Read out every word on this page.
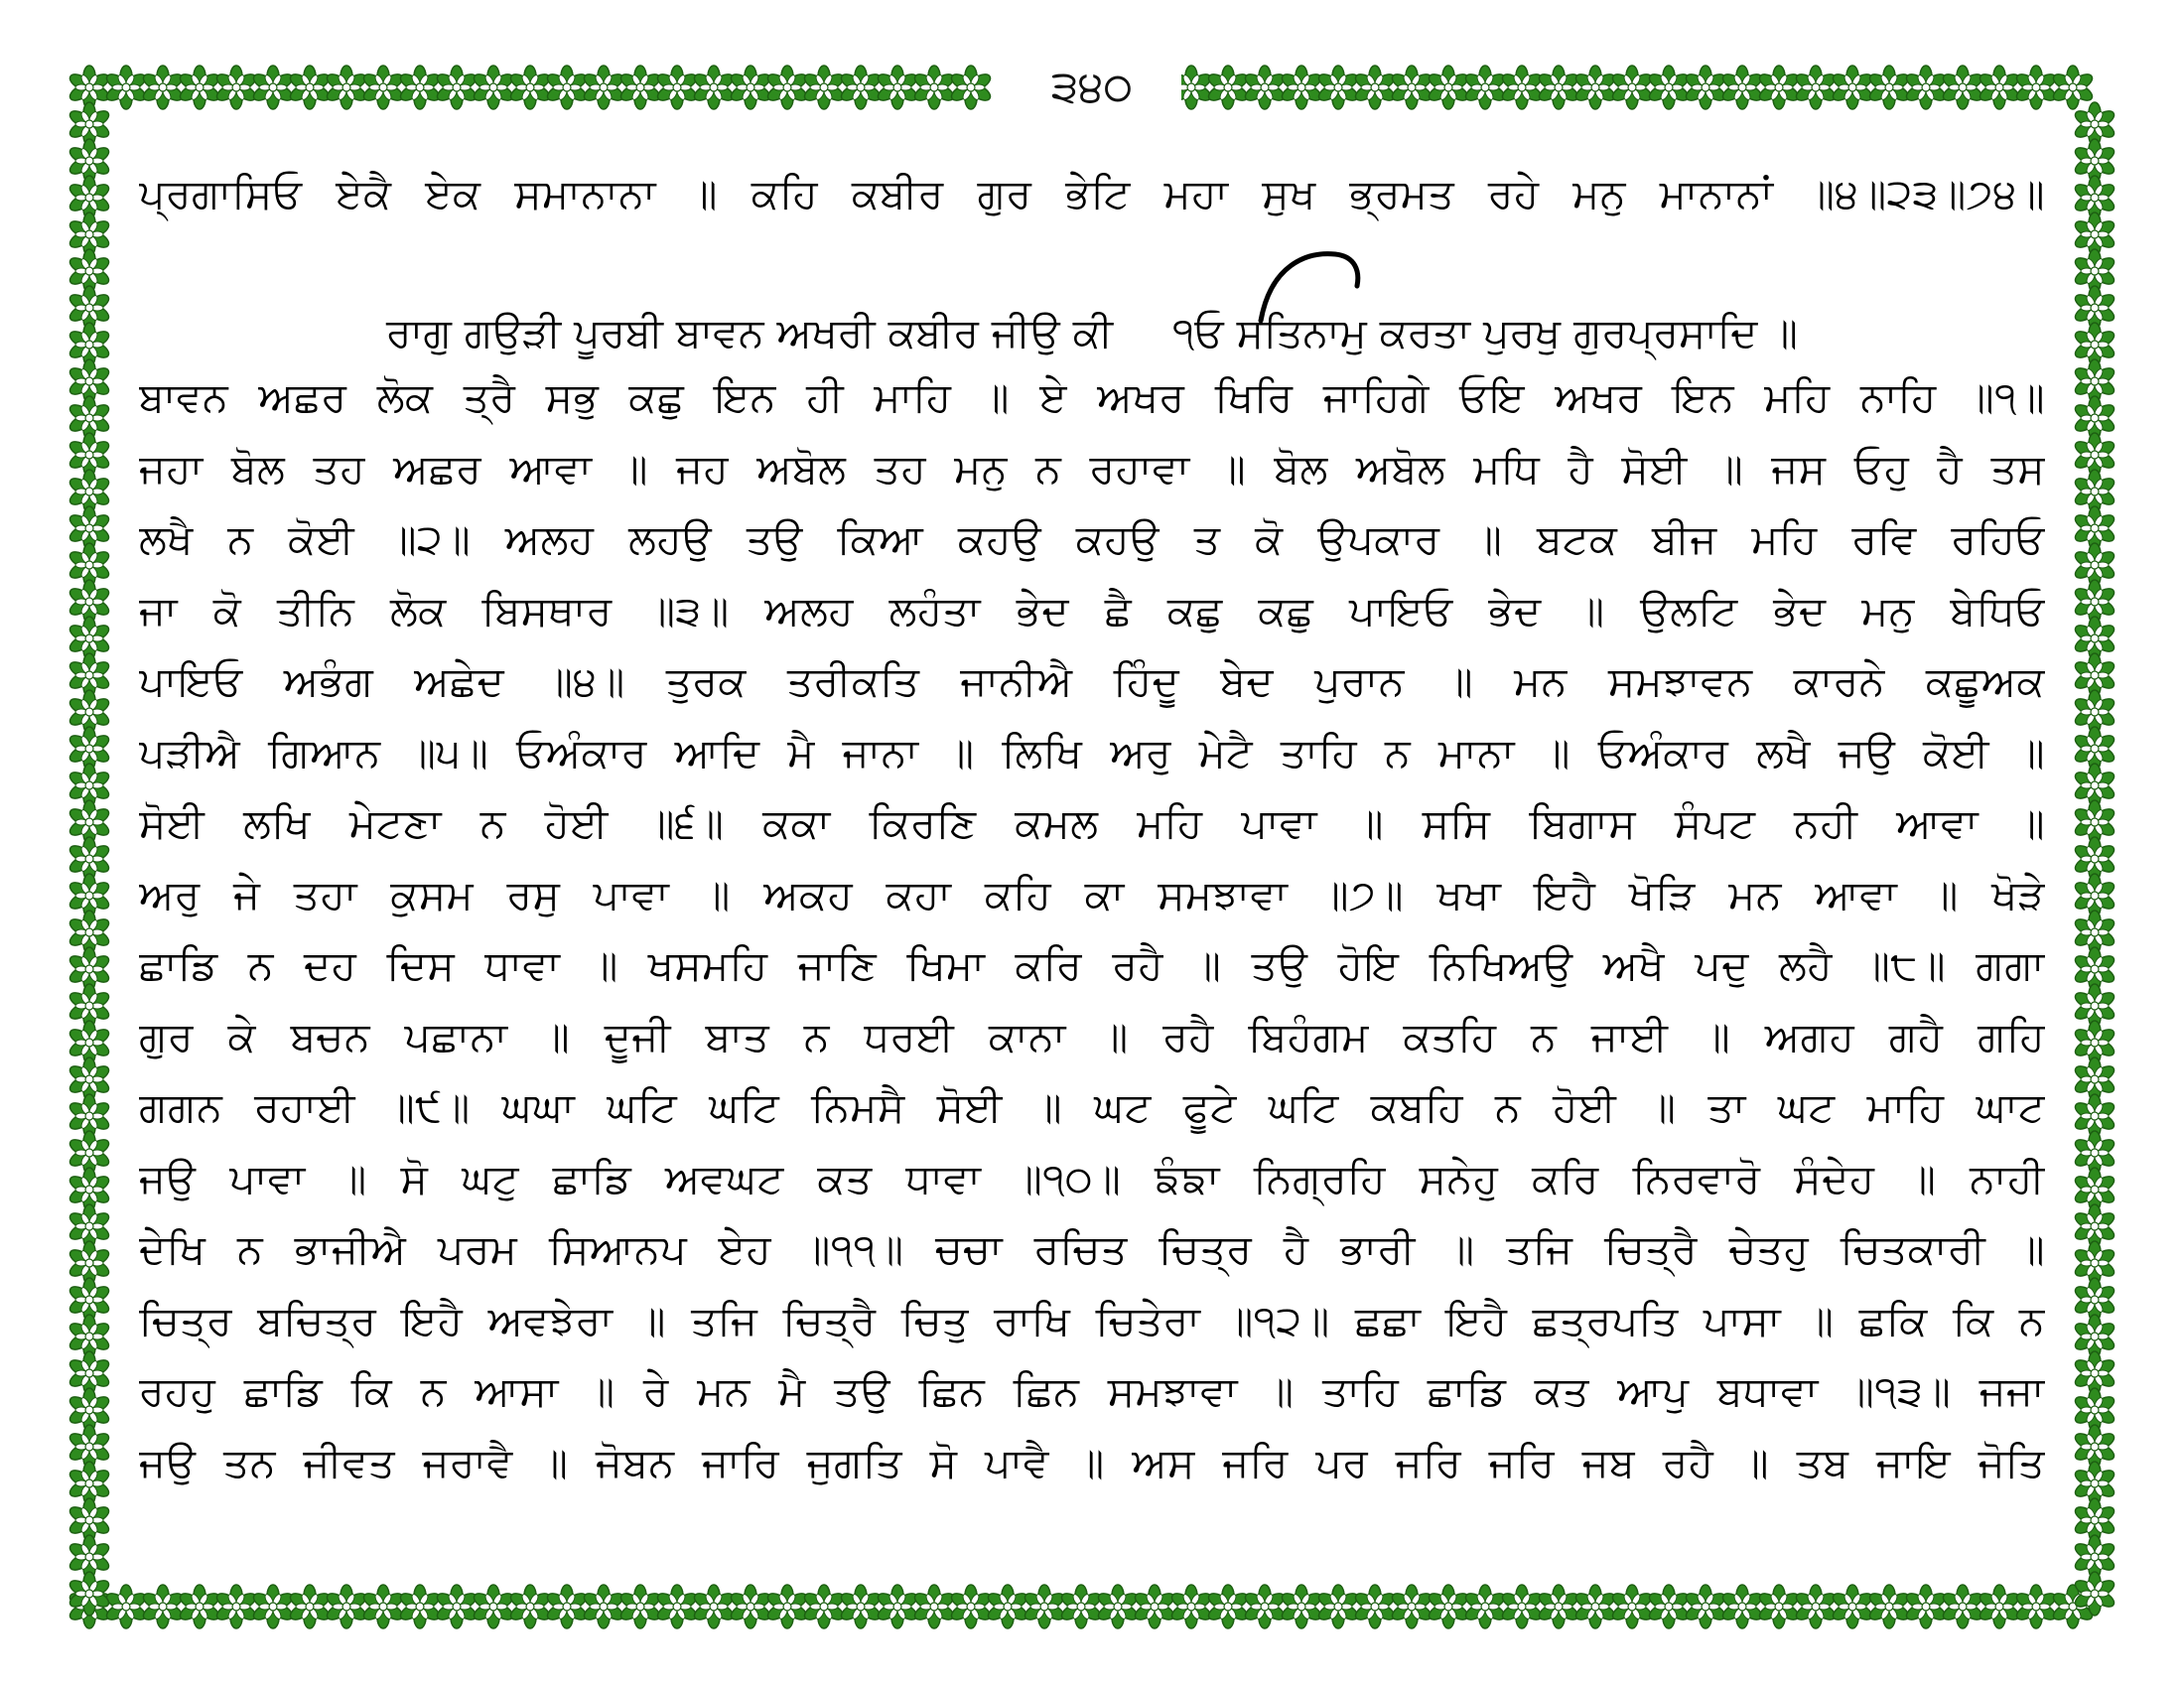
੩੪੦
ਪ੍ਰਗਾਸਿਓ ਏਕੈ ਏਕ ਸਮਾਨਾਨਾ ॥ ਕਹਿ ਕਬੀਰ ਗੁਰ ਭੇਟਿ ਮਹਾ ਸੁਖ ਭ੍ਰਮਤ ਰਹੇ ਮਨੁ ਮਾਨਾਨਾਂ ॥੪॥੨੩॥੭੪॥
ਰਾਗੁ ਗਉੜੀ ਪੂਰਬੀ ਬਾਵਨ ਅਖਰੀ ਕਬੀਰ ਜੀਉ ਕੀ ੧ਓ ਸਤਿਨਾਮੁ ਕਰਤਾ ਪੁਰਖੁ ਗੁਰਪ੍ਰਸਾਦਿ ॥
ਬਾਵਨ ਅਛਰ ਲੋਕ ਤ੍ਰੈ ਸਭੁ ਕਛੁ ਇਨ ਹੀ ਮਾਹਿ ॥ ਏ ਅਖਰ ਖਿਰਿ ਜਾਹਿਗੇ ਓਇ ਅਖਰ ਇਨ ਮਹਿ ਨਾਹਿ ॥੧॥
ਜਹਾ ਬੋਲ ਤਹ ਅਛਰ ਆਵਾ ॥ ਜਹ ਅਬੋਲ ਤਹ ਮਨੁ ਨ ਰਹਾਵਾ ॥ ਬੋਲ ਅਬੋਲ ਮਧਿ ਹੈ ਸੋਈ ॥ ਜਸ ਓਹੁ ਹੈ ਤਸ
ਲਖੈ ਨ ਕੋਈ ॥੨॥ ਅਲਹ ਲਹਉ ਤਉ ਕਿਆ ਕਹਉ ਕਹਉ ਤ ਕੋ ਉਪਕਾਰ ॥ ਬਟਕ ਬੀਜ ਮਹਿ ਰਵਿ ਰਹਿਓ
ਜਾ ਕੋ ਤੀਨਿ ਲੋਕ ਬਿਸਥਾਰ ॥੩॥ ਅਲਹ ਲਹੰਤਾ ਭੇਦ ਛੈ ਕਛੁ ਕਛੁ ਪਾਇਓ ਭੇਦ ॥ ਉਲਟਿ ਭੇਦ ਮਨੁ ਬੇਧਿਓ
ਪਾਇਓ ਅਭੰਗ ਅਛੇਦ ॥੪॥ ਤੁਰਕ ਤਰੀਕਤਿ ਜਾਨੀਐ ਹਿੰਦੂ ਬੇਦ ਪੁਰਾਨ ॥ ਮਨ ਸਮਝਾਵਨ ਕਾਰਨੇ ਕਛੂਅਕ
ਪੜੀਐ ਗਿਆਨ ॥੫॥ ਓਅੰਕਾਰ ਆਦਿ ਮੈ ਜਾਨਾ ॥ ਲਿਖਿ ਅਰੁ ਮੇਟੈ ਤਾਹਿ ਨ ਮਾਨਾ ॥ ਓਅੰਕਾਰ ਲਖੈ ਜਉ ਕੋਈ ॥
ਸੋਈ ਲਖਿ ਮੇਟਣਾ ਨ ਹੋਈ ॥੬॥ ਕਕਾ ਕਿਰਣਿ ਕਮਲ ਮਹਿ ਪਾਵਾ ॥ ਸਸਿ ਬਿਗਾਸ ਸੰਪਟ ਨਹੀ ਆਵਾ ॥
ਅਰੁ ਜੇ ਤਹਾ ਕੁਸਮ ਰਸੁ ਪਾਵਾ ॥ ਅਕਹ ਕਹਾ ਕਹਿ ਕਾ ਸਮਝਾਵਾ ॥੭॥ ਖਖਾ ਇਹੈ ਖੋੜਿ ਮਨ ਆਵਾ ॥ ਖੋੜੇ
ਛਾਡਿ ਨ ਦਹ ਦਿਸ ਧਾਵਾ ॥ ਖਸਮਹਿ ਜਾਣਿ ਖਿਮਾ ਕਰਿ ਰਹੈ ॥ ਤਉ ਹੋਇ ਨਿਖਿਅਉ ਅਖੈ ਪਦੁ ਲਹੈ ॥੮॥ ਗਗਾ
ਗੁਰ ਕੇ ਬਚਨ ਪਛਾਨਾ ॥ ਦੂਜੀ ਬਾਤ ਨ ਧਰਈ ਕਾਨਾ ॥ ਰਹੈ ਬਿਹੰਗਮ ਕਤਹਿ ਨ ਜਾਈ ॥ ਅਗਹ ਗਹੈ ਗਹਿ
ਗਗਨ ਰਹਾਈ ॥੯॥ ਘਘਾ ਘਟਿ ਘਟਿ ਨਿਮਸੈ ਸੋਈ ॥ ਘਟ ਫੂਟੇ ਘਟਿ ਕਬਹਿ ਨ ਹੋਈ ॥ ਤਾ ਘਟ ਮਾਹਿ ਘਾਟ
ਜਉ ਪਾਵਾ ॥ ਸੋ ਘਟੁ ਛਾਡਿ ਅਵਘਟ ਕਤ ਧਾਵਾ ॥੧੦॥ ਙੰਙਾ ਨਿਗ੍ਰਹਿ ਸਨੇਹੁ ਕਰਿ ਨਿਰਵਾਰੋ ਸੰਦੇਹ ॥ ਨਾਹੀ
ਦੇਖਿ ਨ ਭਾਜੀਐ ਪਰਮ ਸਿਆਨਪ ਏਹ ॥੧੧॥ ਚਚਾ ਰਚਿਤ ਚਿਤ੍ਰ ਹੈ ਭਾਰੀ ॥ ਤਜਿ ਚਿਤ੍ਰੈ ਚੇਤਹੁ ਚਿਤਕਾਰੀ ॥
ਚਿਤ੍ਰ ਬਚਿਤ੍ਰ ਇਹੈ ਅਵਝੇਰਾ ॥ ਤਜਿ ਚਿਤ੍ਰੈ ਚਿਤੁ ਰਾਖਿ ਚਿਤੇਰਾ ॥੧੨॥ ਛਛਾ ਇਹੈ ਛਤ੍ਰਪਤਿ ਪਾਸਾ ॥ ਛਕਿ ਕਿ ਨ
ਰਹਹੁ ਛਾਡਿ ਕਿ ਨ ਆਸਾ ॥ ਰੇ ਮਨ ਮੈ ਤਉ ਛਿਨ ਛਿਨ ਸਮਝਾਵਾ ॥ ਤਾਹਿ ਛਾਡਿ ਕਤ ਆਪੁ ਬਧਾਵਾ ॥੧੩॥ ਜਜਾ
ਜਉ ਤਨ ਜੀਵਤ ਜਰਾਵੈ ॥ ਜੋਬਨ ਜਾਰਿ ਜੁਗਤਿ ਸੋ ਪਾਵੈ ॥ ਅਸ ਜਰਿ ਪਰ ਜਰਿ ਜਰਿ ਜਬ ਰਹੈ ॥ ਤਬ ਜਾਇ ਜੋਤਿ
